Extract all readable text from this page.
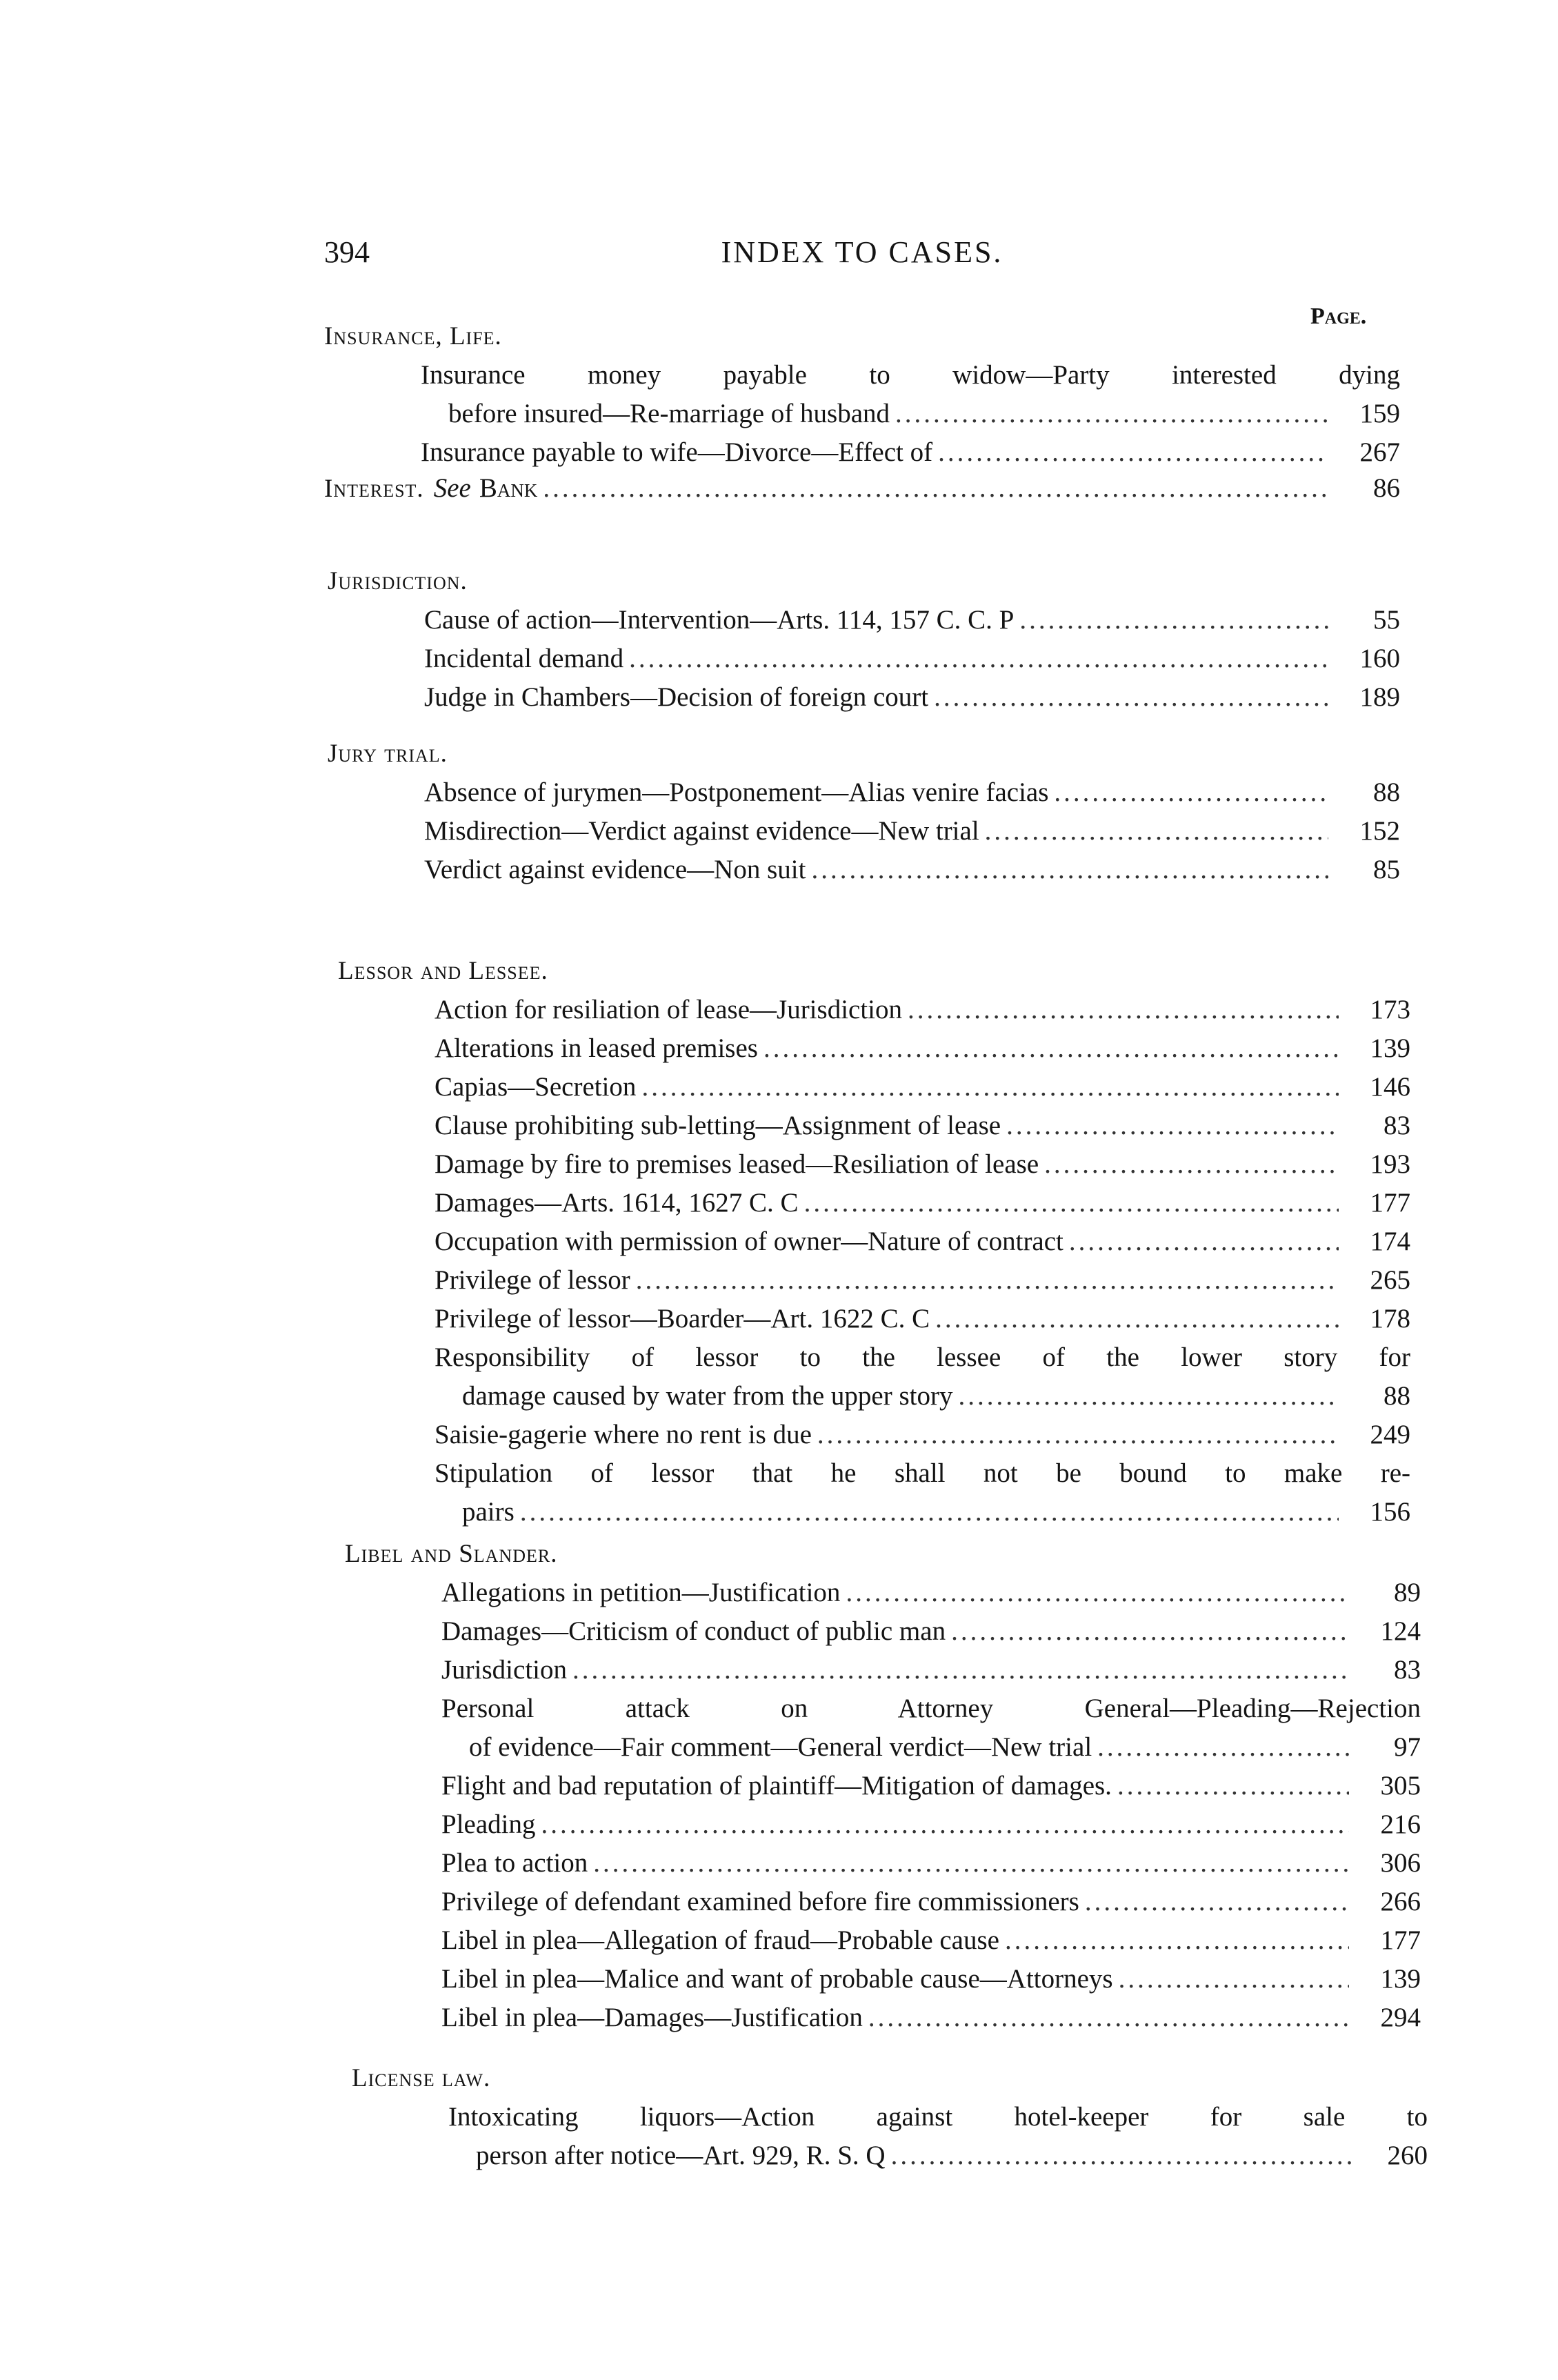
394	INDEX TO CASES.
Page.
Insurance, Life.
Insurance money payable to widow—Party interested dying
before insured—Re-marriage of husband .....	159
Insurance payable to wife—Divorce—Effect of .....	267
Interest. See Bank .....	86
Jurisdiction.
Cause of action—Intervention—Arts. 114, 157 C. C. P .....	55
Incidental demand .....	160
Judge in Chambers—Decision of foreign court .....	189
Jury trial.
Absence of jurymen—Postponement—Alias venire facias .....	88
Misdirection—Verdict against evidence—New trial .....	152
Verdict against evidence—Non suit .....	85
Lessor and Lessee.
Action for resiliation of lease—Jurisdiction .....	173
Alterations in leased premises .....	139
Capias—Secretion .....	146
Clause prohibiting sub-letting—Assignment of lease .....	83
Damage by fire to premises leased—Resiliation of lease .....	193
Damages—Arts. 1614, 1627 C. C .....	177
Occupation with permission of owner—Nature of contract .....	174
Privilege of lessor .....	265
Privilege of lessor—Boarder—Art. 1622 C. C .....	178
Responsibility of lessor to the lessee of the lower story for
damage caused by water from the upper story .....	88
Saisie-gagerie where no rent is due .....	249
Stipulation of lessor that he shall not be bound to make re-
pairs .....	156
Libel and Slander.
Allegations in petition—Justification .....	89
Damages—Criticism of conduct of public man .....	124
Jurisdiction .....	83
Personal attack on Attorney General—Pleading—Rejection
of evidence—Fair comment—General verdict—New trial .....	97
Flight and bad reputation of plaintiff—Mitigation of damages. .....	305
Pleading .....	216
Plea to action .....	306
Privilege of defendant examined before fire commissioners .....	266
Libel in plea—Allegation of fraud—Probable cause .....	177
Libel in plea—Malice and want of probable cause—Attorneys .....	139
Libel in plea—Damages—Justification .....	294
License law.
Intoxicating liquors—Action against hotel-keeper for sale to
person after notice—Art. 929, R. S. Q .....	260
